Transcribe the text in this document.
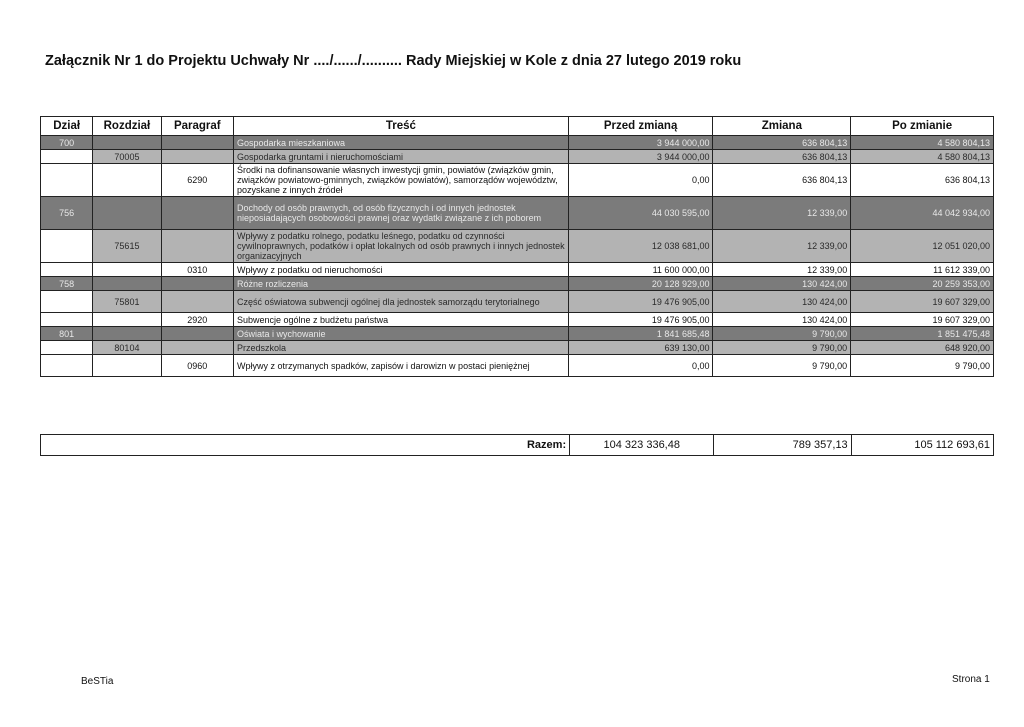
Załącznik Nr 1 do Projektu Uchwały Nr ..../....../.......... Rady Miejskiej w Kole z dnia 27 lutego 2019 roku
Dział	Rozdział	Paragraf	Treść	Przed zmianą	Zmiana	Po zmianie
700			Gospodarka mieszkaniowa	3 944 000,00	636 804,13	4 580 804,13
	70005		Gospodarka gruntami i nieruchomościami	3 944 000,00	636 804,13	4 580 804,13
		6290	Środki na dofinansowanie własnych inwestycji gmin, powiatów (związków gmin, związków powiatowo-gminnych, związków powiatów), samorządów województw, pozyskane z innych źródeł	0,00	636 804,13	636 804,13
756			Dochody od osób prawnych, od osób fizycznych i od innych jednostek nieposiadających osobowości prawnej oraz wydatki związane z ich poborem	44 030 595,00	12 339,00	44 042 934,00
	75615		Wpływy z podatku rolnego, podatku leśnego, podatku od czynności cywilnoprawnych, podatków i opłat lokalnych od osób prawnych i innych jednostek organizacyjnych	12 038 681,00	12 339,00	12 051 020,00
		0310	Wpływy z podatku od nieruchomości	11 600 000,00	12 339,00	11 612 339,00
758			Różne rozliczenia	20 128 929,00	130 424,00	20 259 353,00
	75801		Część oświatowa subwencji ogólnej dla jednostek samorządu terytorialnego	19 476 905,00	130 424,00	19 607 329,00
		2920	Subwencje ogólne z budżetu państwa	19 476 905,00	130 424,00	19 607 329,00
801			Oświata i wychowanie	1 841 685,48	9 790,00	1 851 475,48
	80104		Przedszkola	639 130,00	9 790,00	648 920,00
		0960	Wpływy z otrzymanych spadków, zapisów i darowizn w postaci pieniężnej	0,00	9 790,00	9 790,00
Razem:	104 323 336,48	789 357,13	105 112 693,61
BeSTia	Strona 1
